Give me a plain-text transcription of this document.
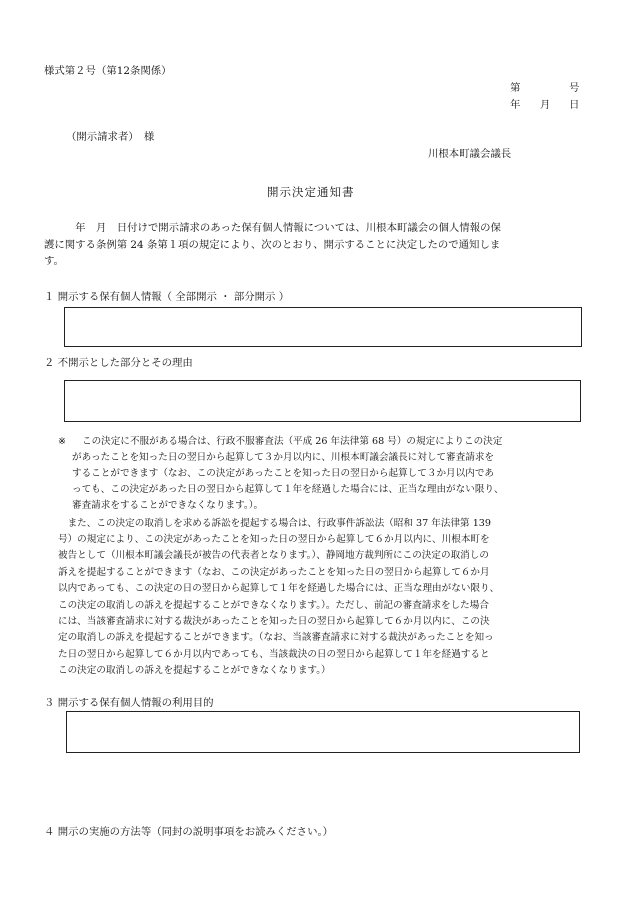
様式第２号（第12条関係）
第	号
年 月 日
（開示請求者）　様
川根本町議会議長
開示決定通知書
　　　年　月　日付けで開示請求のあった保有個人情報については、川根本町議会の個人情報の保
護に関する条例第 24 条第１項の規定により、次のとおり、開示することに決定したので通知しま
す。
１ 開示する保有個人情報（ 全部開示 ・ 部分開示 ）
２ 不開示とした部分とその理由
※ この決定に不服がある場合は、行政不服審査法（平成 26 年法律第 68 号）の規定によりこの決定
があったことを知った日の翌日から起算して３か月以内に、川根本町議会議長に対して審査請求を
することができます（なお、この決定があったことを知った日の翌日から起算して３か月以内であ
っても、この決定があった日の翌日から起算して１年を経過した場合には、正当な理由がない限り、
審査請求をすることができなくなります。）。
　また、この決定の取消しを求める訴訟を提起する場合は、行政事件訴訟法（昭和 37 年法律第 139
号）の規定により、この決定があったことを知った日の翌日から起算して６か月以内に、川根本町を
被告として（川根本町議会議長が被告の代表者となります。）、静岡地方裁判所にこの決定の取消しの
訴えを提起することができます（なお、この決定があったことを知った日の翌日から起算して６か月
以内であっても、この決定の日の翌日から起算して１年を経過した場合には、正当な理由がない限り、
この決定の取消しの訴えを提起することができなくなります。）。ただし、前記の審査請求をした場合
には、当該審査請求に対する裁決があったことを知った日の翌日から起算して６か月以内に、この決
定の取消しの訴えを提起することができます。（なお、当該審査請求に対する裁決があったことを知っ
た日の翌日から起算して６か月以内であっても、当該裁決の日の翌日から起算して１年を経過すると
この決定の取消しの訴えを提起することができなくなります。）
３ 開示する保有個人情報の利用目的
４ 開示の実施の方法等（同封の説明事項をお読みください。）
